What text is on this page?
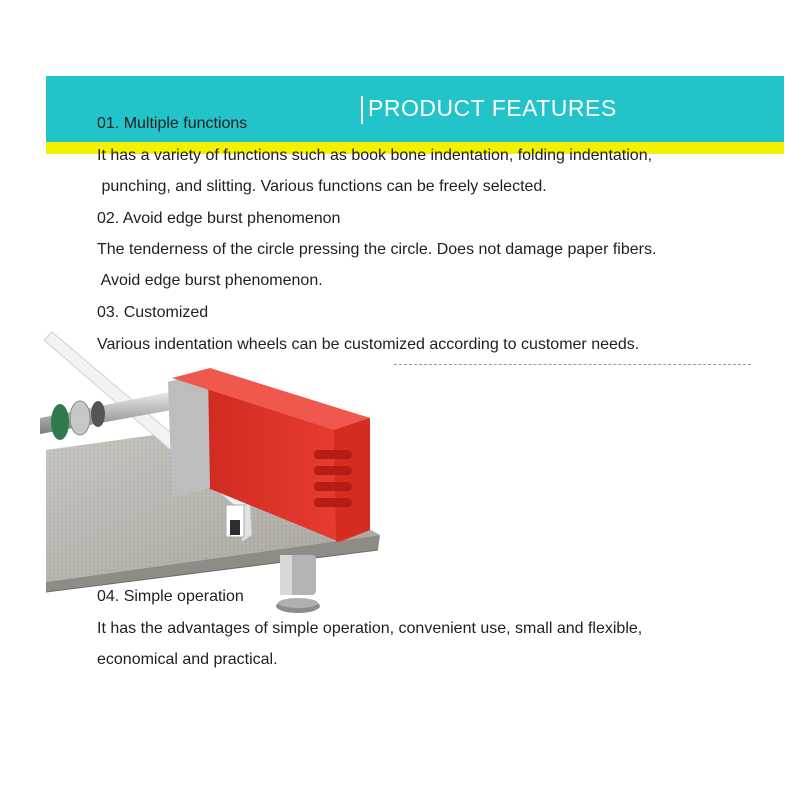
PRODUCT FEATURES
01. Multiple functions
It has a variety of functions such as book bone indentation, folding indentation,
punching, and slitting. Various functions can be freely selected.
02. Avoid edge burst phenomenon
The tenderness of the circle pressing the circle. Does not damage paper fibers.
Avoid edge burst phenomenon.
03. Customized
Various indentation wheels can be customized according to customer needs.
04. Simple operation
It has the advantages of simple operation, convenient use, small and flexible,
economical and practical.
